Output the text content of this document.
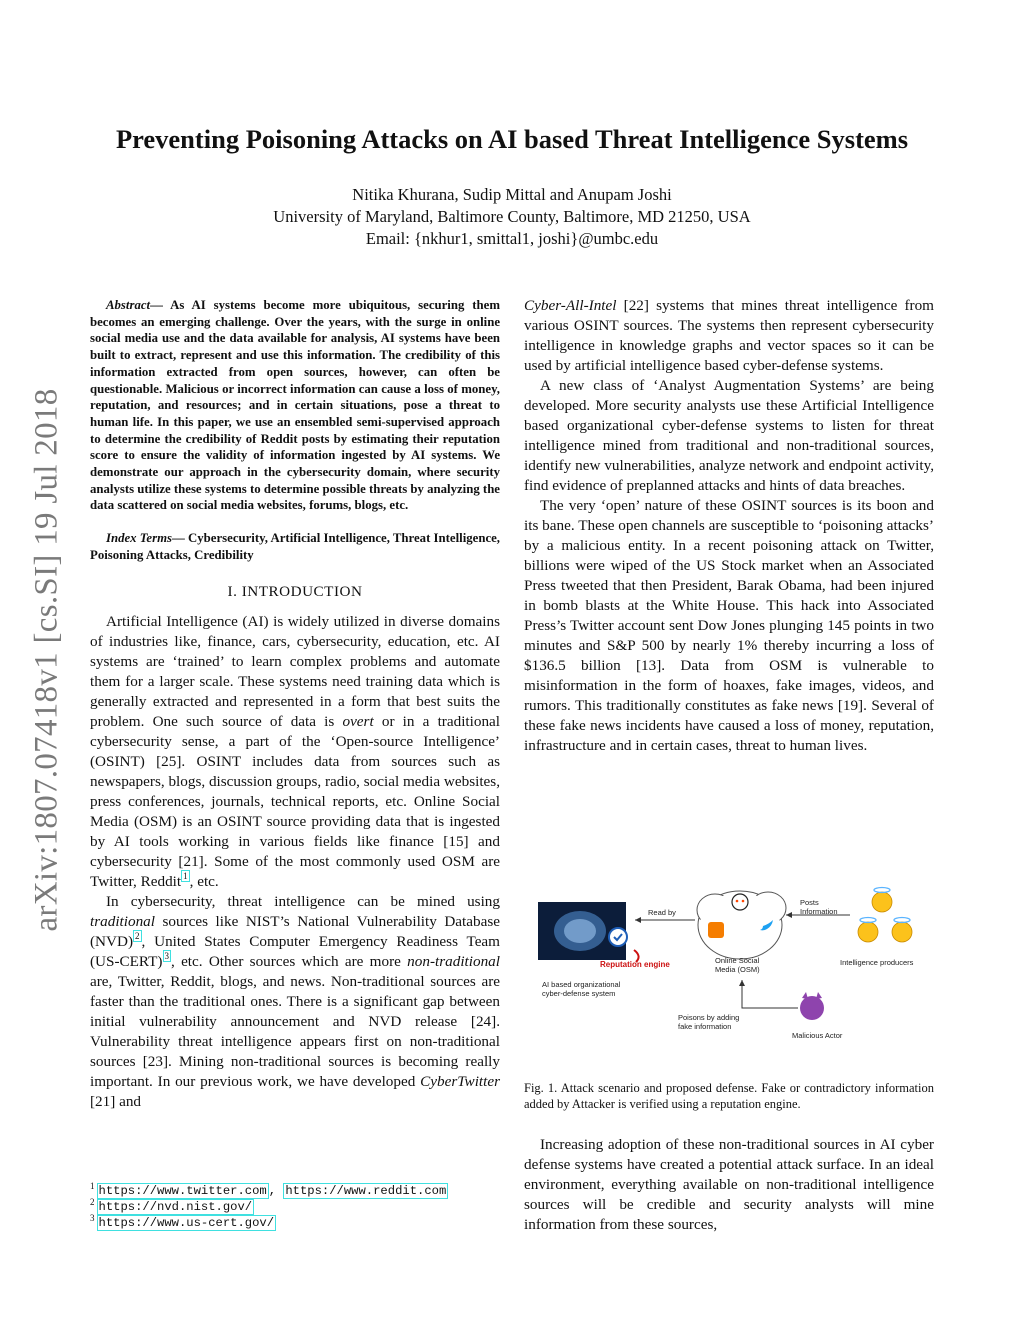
arXiv:1807.07418v1 [cs.SI] 19 Jul 2018
Preventing Poisoning Attacks on AI based Threat Intelligence Systems
Nitika Khurana, Sudip Mittal and Anupam Joshi
University of Maryland, Baltimore County, Baltimore, MD 21250, USA
Email: {nkhur1, smittal1, joshi}@umbc.edu

Abstract— As AI systems become more ubiquitous, securing them becomes an emerging challenge. Over the years, with the surge in online social media use and the data available for analysis, AI systems have been built to extract, represent and use this information. The credibility of this information extracted from open sources, however, can often be questionable. Malicious or incorrect information can cause a loss of money, reputation, and resources; and in certain situations, pose a threat to human life. In this paper, we use an ensembled semi-supervised approach to determine the credibility of Reddit posts by estimating their reputation score to ensure the validity of information ingested by AI systems. We demonstrate our approach in the cybersecurity domain, where security analysts utilize these systems to determine possible threats by analyzing the data scattered on social media websites, forums, blogs, etc.

Index Terms— Cybersecurity, Artificial Intelligence, Threat Intelligence, Poisoning Attacks, Credibility

I. INTRODUCTION

Artificial Intelligence (AI) is widely utilized in diverse domains of industries like, finance, cars, cybersecurity, education, etc. AI systems are ‘trained’ to learn complex problems and automate them for a larger scale. These systems need training data which is generally extracted and represented in a form that best suits the problem. One such source of data is overt or in a traditional cybersecurity sense, a part of the ‘Open-source Intelligence’ (OSINT) [25]. OSINT includes data from sources such as newspapers, blogs, discussion groups, radio, social media websites, press conferences, journals, technical reports, etc. Online Social Media (OSM) is an OSINT source providing data that is ingested by AI tools working in various fields like finance [15] and cybersecurity [21]. Some of the most commonly used OSM are Twitter, Reddit $^1$ , etc.

In cybersecurity, threat intelligence can be mined using traditional sources like NIST’s National Vulnerability Database (NVD) $^2$ , United States Computer Emergency Readiness Team (US-CERT) $^3$ , etc. Other sources which are more non-traditional are, Twitter, Reddit, blogs, and news. Non-traditional sources are faster than the traditional ones. There is a significant gap between initial vulnerability announcement and NVD release [24]. Vulnerability threat intelligence appears first on non-traditional sources [23]. Mining non-traditional sources is becoming really important. In our previous work, we have developed CyberTwitter [21] and

$^1$ https://www.twitter.com , https://www.reddit.com
$^2$ https://nvd.nist.gov/
$^3$ https://www.us-cert.gov/

Cyber-All-Intel [22] systems that mines threat intelligence from various OSINT sources. The systems then represent cybersecurity intelligence in knowledge graphs and vector spaces so it can be used by artificial intelligence based cyber-defense systems.

A new class of ‘Analyst Augmentation Systems’ are being developed. More security analysts use these Artificial Intelligence based organizational cyber-defense systems to listen for threat intelligence mined from traditional and non-traditional sources, identify new vulnerabilities, analyze network and endpoint activity, find evidence of preplanned attacks and hints of data breaches.

The very ‘open’ nature of these OSINT sources is its boon and its bane. These open channels are susceptible to ‘poisoning attacks’ by a malicious entity. In a recent poisoning attack on Twitter, billions were wiped of the US Stock market when an Associated Press tweeted that then President, Barak Obama, had been injured in bomb blasts at the White House. This hack into Associated Press’s Twitter account sent Dow Jones plunging 145 points in two minutes and S&P 500 by nearly 1% thereby incurring a loss of $136.5 billion [13]. Data from OSM is vulnerable to misinformation in the form of hoaxes, fake images, videos, and rumors. This traditionally constitutes as fake news [19]. Several of these fake news incidents have caused a loss of money, reputation, infrastructure and in certain cases, threat to human lives.

Reputation engine
AI based organizational
cyber-defense system
Read by
Online Social
Media (OSM)
Posts
Information
Intelligence producers
Malicious Actor
Poisons by adding
fake information
Fig. 1. Attack scenario and proposed defense. Fake or contradictory information added by Attacker is verified using a reputation engine.

Increasing adoption of these non-traditional sources in AI cyber defense systems have created a potential attack surface. In an ideal environment, everything available on non-traditional intelligence sources will be credible and security analysts will mine information from these sources,
